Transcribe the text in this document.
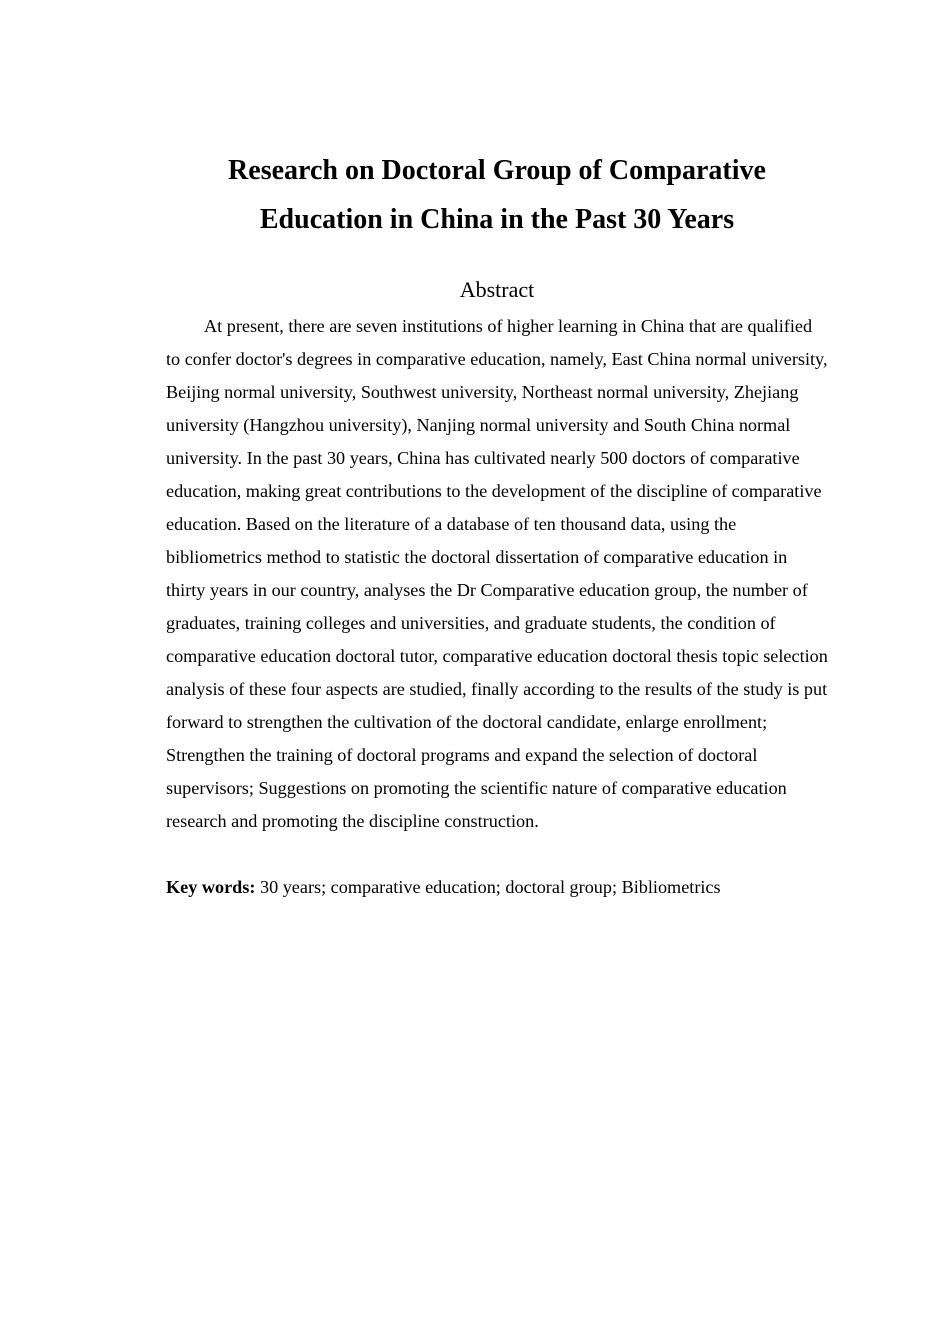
Research on Doctoral Group of Comparative Education in China in the Past 30 Years
Abstract

At present, there are seven institutions of higher learning in China that are qualified to confer doctor's degrees in comparative education, namely, East China normal university, Beijing normal university, Southwest university, Northeast normal university, Zhejiang university (Hangzhou university), Nanjing normal university and South China normal university. In the past 30 years, China has cultivated nearly 500 doctors of comparative education, making great contributions to the development of the discipline of comparative education. Based on the literature of a database of ten thousand data, using the bibliometrics method to statistic the doctoral dissertation of comparative education in thirty years in our country, analyses the Dr Comparative education group, the number of graduates, training colleges and universities, and graduate students, the condition of comparative education doctoral tutor, comparative education doctoral thesis topic selection analysis of these four aspects are studied, finally according to the results of the study is put forward to strengthen the cultivation of the doctoral candidate, enlarge enrollment; Strengthen the training of doctoral programs and expand the selection of doctoral supervisors; Suggestions on promoting the scientific nature of comparative education research and promoting the discipline construction.

Key words: 30 years; comparative education; doctoral group; Bibliometrics
